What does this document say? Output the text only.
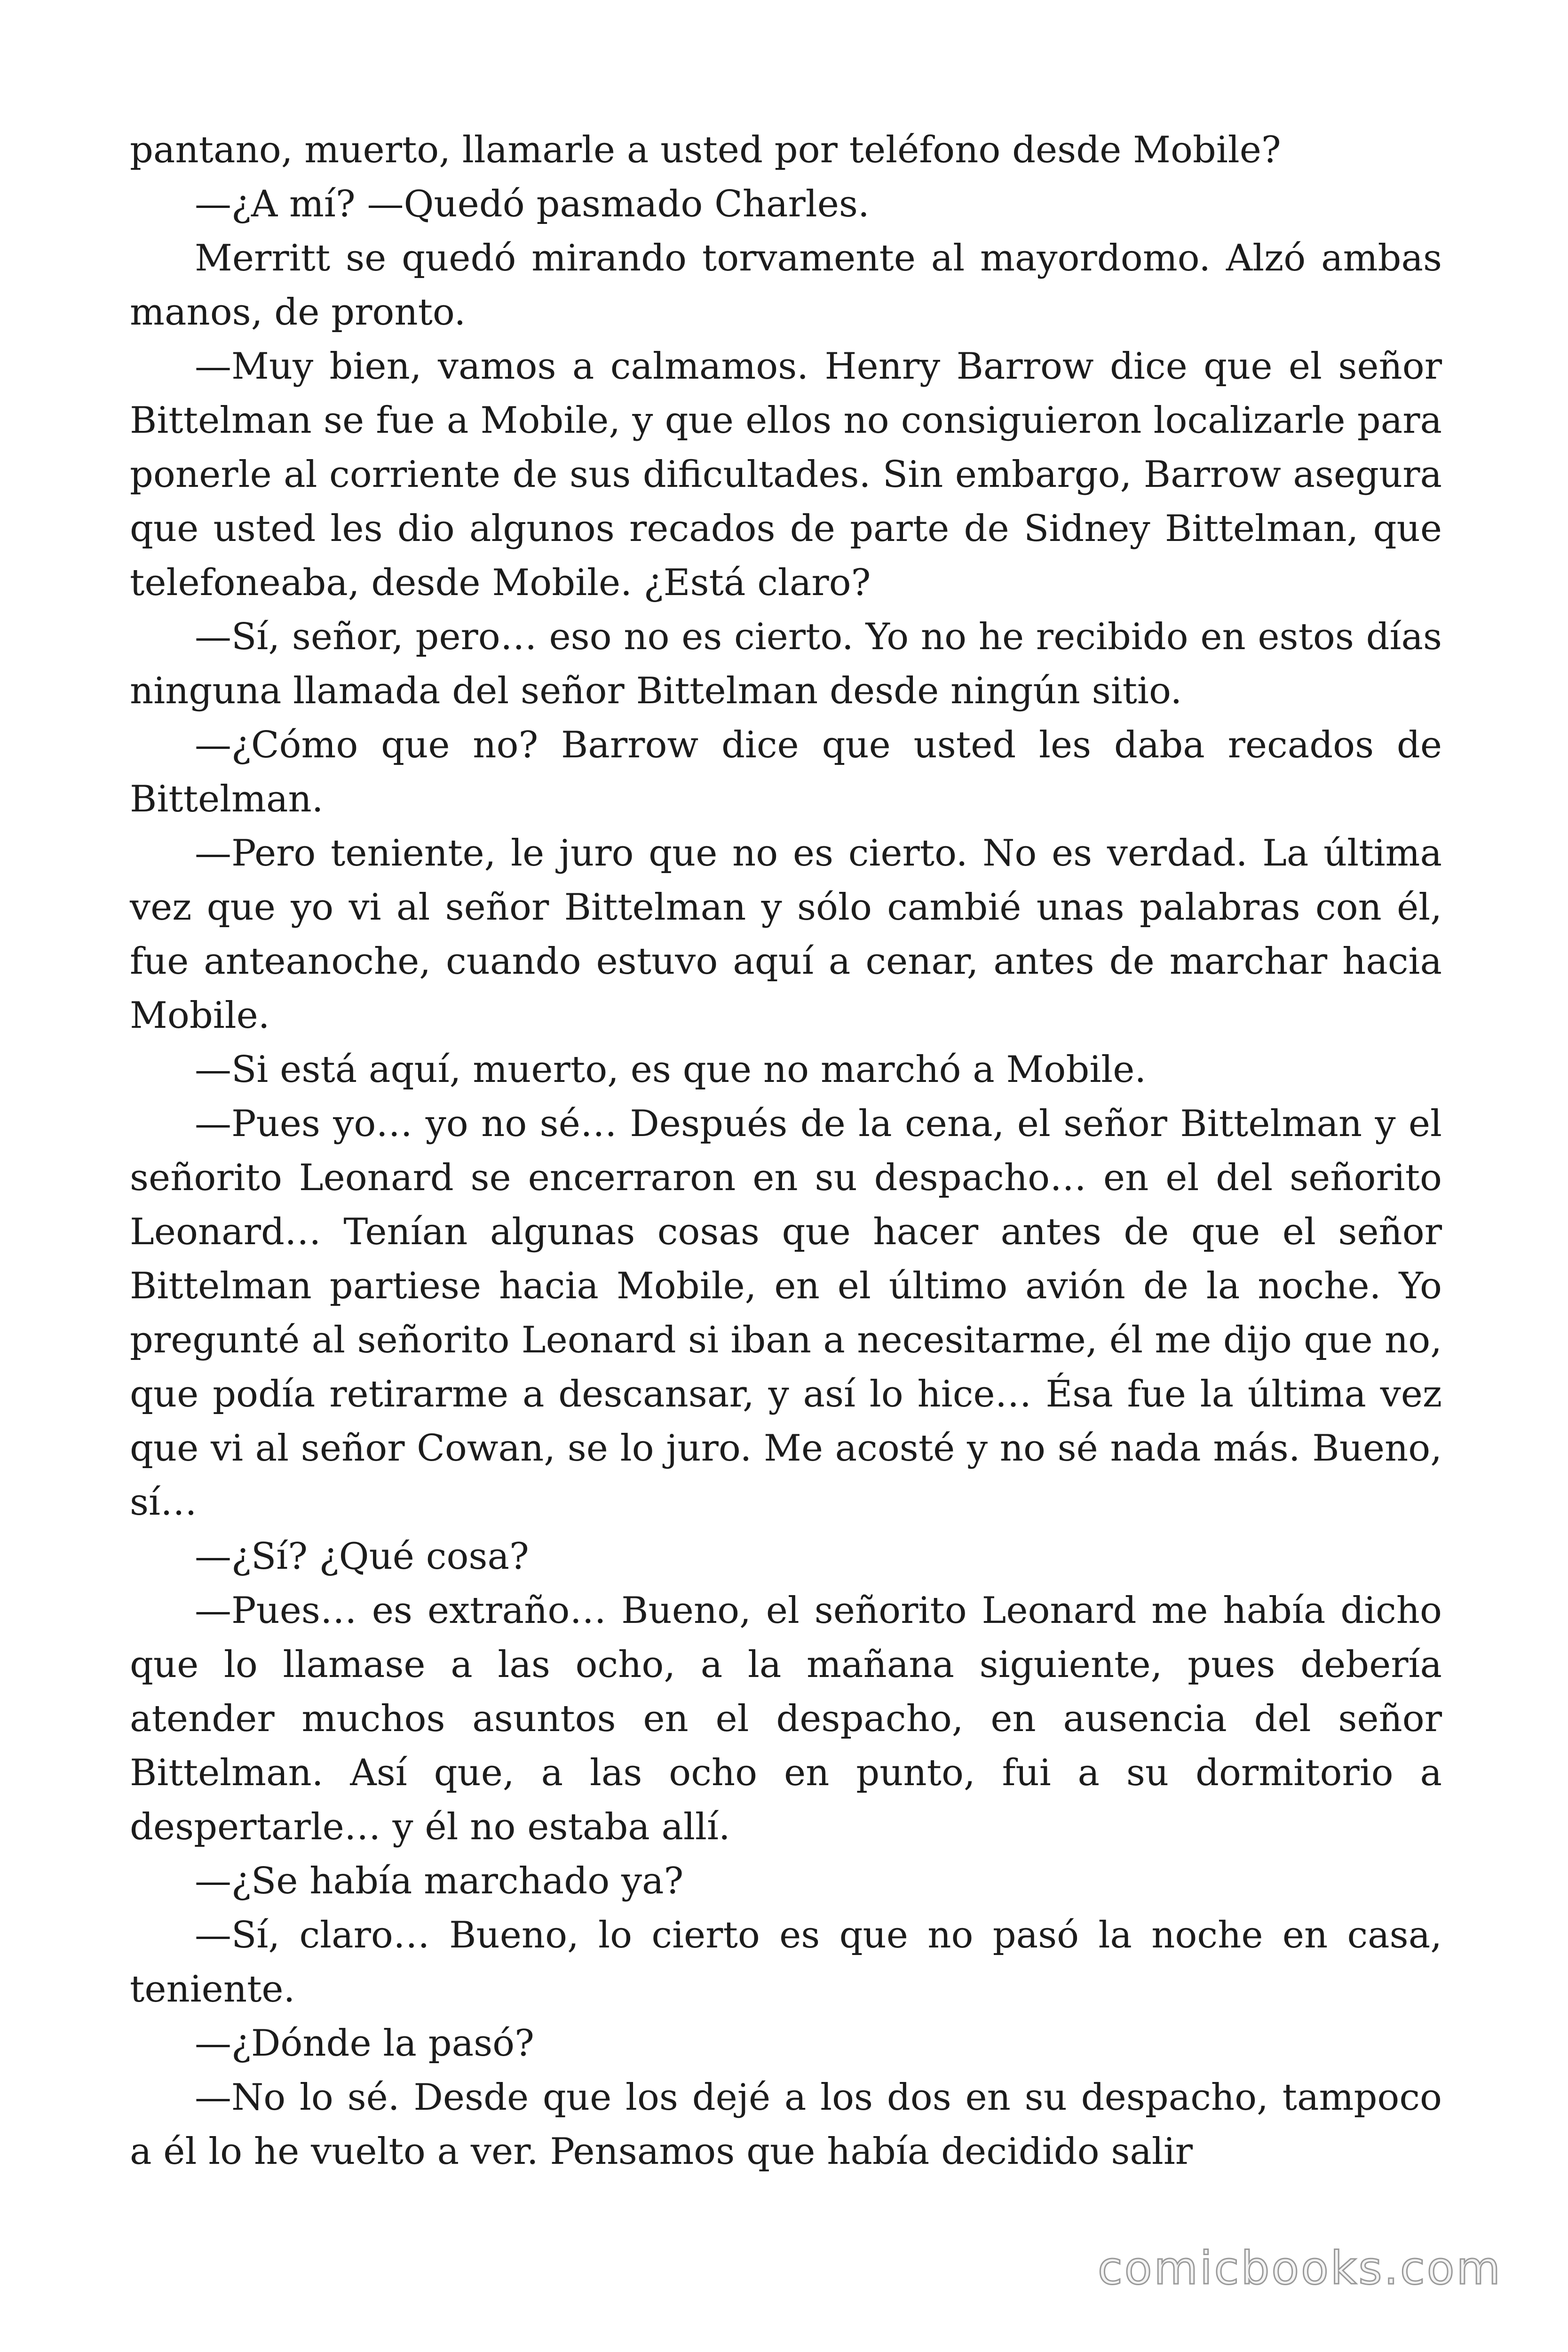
pantano, muerto, llamarle a usted por teléfono desde Mobile?

—¿A mí? —Quedó pasmado Charles.

Merritt se quedó mirando torvamente al mayordomo. Alzó ambas manos, de pronto.

—Muy bien, vamos a calmamos. Henry Barrow dice que el señor Bittelman se fue a Mobile, y que ellos no consiguieron localizarle para ponerle al corriente de sus dificultades. Sin embargo, Barrow asegura que usted les dio algunos recados de parte de Sidney Bittelman, que telefoneaba, desde Mobile. ¿Está claro?

—Sí, señor, pero… eso no es cierto. Yo no he recibido en estos días ninguna llamada del señor Bittelman desde ningún sitio.

—¿Cómo que no? Barrow dice que usted les daba recados de Bittelman.

—Pero teniente, le juro que no es cierto. No es verdad. La última vez que yo vi al señor Bittelman y sólo cambié unas palabras con él, fue anteanoche, cuando estuvo aquí a cenar, antes de marchar hacia Mobile.

—Si está aquí, muerto, es que no marchó a Mobile.

—Pues yo… yo no sé… Después de la cena, el señor Bittelman y el señorito Leonard se encerraron en su despacho… en el del señorito Leonard… Tenían algunas cosas que hacer antes de que el señor Bittelman partiese hacia Mobile, en el último avión de la noche. Yo pregunté al señorito Leonard si iban a necesitarme, él me dijo que no, que podía retirarme a descansar, y así lo hice… Ésa fue la última vez que vi al señor Cowan, se lo juro. Me acosté y no sé nada más. Bueno, sí…

—¿Sí? ¿Qué cosa?

—Pues… es extraño… Bueno, el señorito Leonard me había dicho que lo llamase a las ocho, a la mañana siguiente, pues debería atender muchos asuntos en el despacho, en ausencia del señor Bittelman. Así que, a las ocho en punto, fui a su dormitorio a despertarle… y él no estaba allí.

—¿Se había marchado ya?

—Sí, claro… Bueno, lo cierto es que no pasó la noche en casa, teniente.

—¿Dónde la pasó?

—No lo sé. Desde que los dejé a los dos en su despacho, tampoco a él lo he vuelto a ver. Pensamos que había decidido salir

comicbooks.com
